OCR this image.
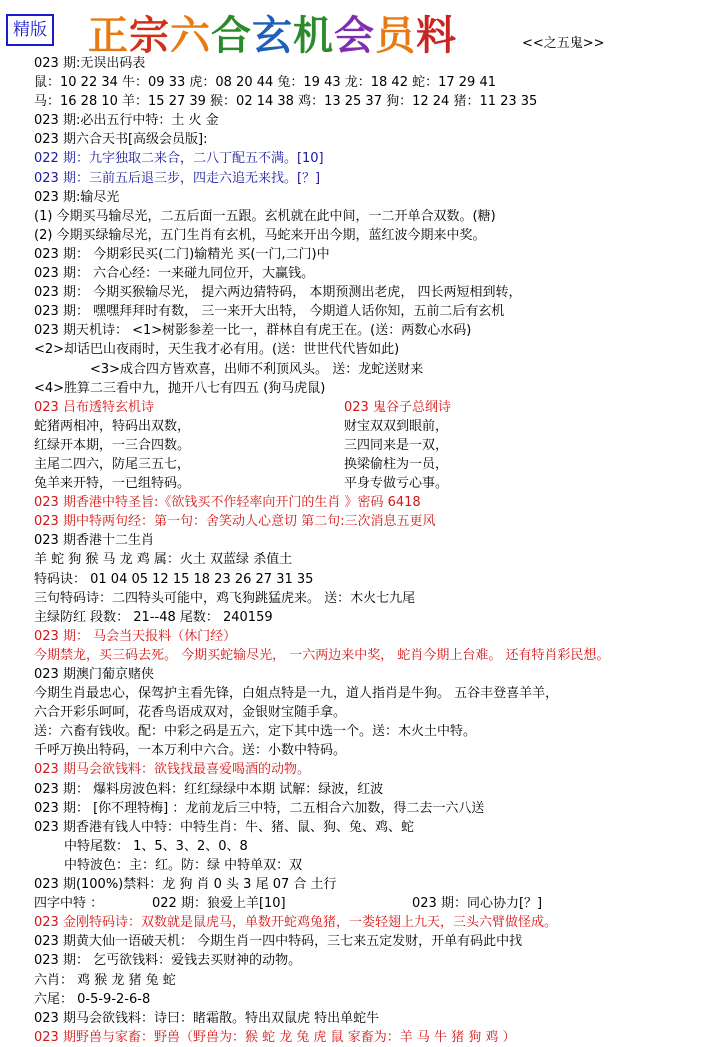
精版 正宗六合玄机会员料	<<之五鬼>>
023 期:无误出码表
鼠：10 22 34 牛：09 33 虎：08 20 44 兔：19 43 龙：18 42 蛇：17 29 41
马：16 28 10 羊：15 27 39 猴：02 14 38 鸡：13 25 37 狗：12 24 猪：11 23 35
023 期:必出五行中特：土 火 金
023 期六合天书[高级会员版]:
022 期：九字独取二来合，二八丁配五不满。[10]
023 期：三前五后退三步，四走六追无来找。[？]
023 期:输尽光
(1) 今期买马输尽光，二五后面一五跟。玄机就在此中间，一二开单合双数。(糖)
(2) 今期买绿输尽光，五门生肖有玄机，马蛇来开出今期，蓝红波今期来中奖。
023 期： 今期彩民买(二门)输精光 买(一门,二门)中
023 期： 六合心经：一来碰九同位开，大赢钱。
023 期： 今期买猴输尽光， 提六两边猜特码， 本期预测出老虎， 四长两短相到转，
023 期： 嘿嘿拜拜时有数， 三一来开大出特， 今期道人话你知，五前二后有玄机
023 期天机诗： <1>树影参差一比一，群林自有虎王在。(送：两数心水码)
<2>却话巴山夜雨时，天生我才必有用。(送：世世代代皆如此)
<3>成合四方皆欢喜，出师不利顶风头。 送：龙蛇送财来
<4>胜算二三看中九，抛开八七有四五 (狗马虎鼠)
023 吕布透特玄机诗	023 鬼谷子总纲诗
蛇猪两相冲，特码出双数，	财宝双双到眼前，
红绿开本期，一三合四数。	三四同来是一双，
主尾二四六，防尾三五七，	换梁偷柱为一员，
兔羊来开特，一已组特码。	平身专做亏心事。
023 期香港中特圣旨:《欲钱买不作轻率向开门的生肖 》密码 6418
023 期中特两句经：第一句：舍笑动人心意切 第二句:三次消息五更风
023 期香港十二生肖
羊 蛇 狗 猴 马 龙 鸡 属：火土 双蓝绿 杀值土
特码诀： 01 04 05 12 15 18 23 26 27 31 35
三句特码诗：二四特头可能中，鸡飞狗跳猛虎来。 送：木火七九尾
主绿防红 段数： 21--48 尾数： 240159
023 期： 马会当天报料（休门经）
今期禁龙，买三码去死。 今期买蛇输尽光， 一六两边来中奖， 蛇肖今期上台难。 还有特肖彩民想。
023 期澳门葡京赌侠
今期生肖最忠心，保驾护主看先锋，白姐点特是一九，道人指肖是牛狗。 五谷丰登喜羊羊，
六合开彩乐呵呵，花香鸟语成双对，金银财宝随手拿。
送：六畜有钱收。配：中彩之码是五六，定下其中选一个。送：木火土中特。
千呼万换出特码，一本万利中六合。送：小数中特码。
023 期马会欲钱料：欲钱找最喜爱喝酒的动物。
023 期： 爆料房波色料：红红绿绿中本期 试解：绿波，红波
023 期： [你不理特梅] ：龙前龙后三中特，二五相合六加数，得二去一六八送
023 期香港有钱人中特：中特生肖：牛、猪、鼠、狗、兔、鸡、蛇
中特尾数： 1、5、3、2、0、8
中特波色：主：红。防：绿 中特单双：双
023 期(100%)禁料：龙 狗 肖 0 头 3 尾 07 合 土行
四字中特 ：	022 期：狼爱上羊[10]	023 期：同心协力[？]
023 金刚特码诗：双数就是鼠虎马，单数开蛇鸡兔猪，一娄轻翅上九天，三头六臂做怪成。
023 期黄大仙一语破天机： 今期生肖一四中特码，三七来五定发财，开单有码此中找
023 期： 乞丐欲钱料：爱钱去买财神的动物。
六肖： 鸡 猴 龙 猪 兔 蛇
六尾： 0-5-9-2-6-8
023 期马会欲钱料：诗曰：睹霜散。特出双鼠虎 特出单蛇牛
023 期野兽与家畜：野兽（野兽为：猴 蛇 龙 兔 虎 鼠 家畜为：羊 马 牛 猪 狗 鸡 ）
